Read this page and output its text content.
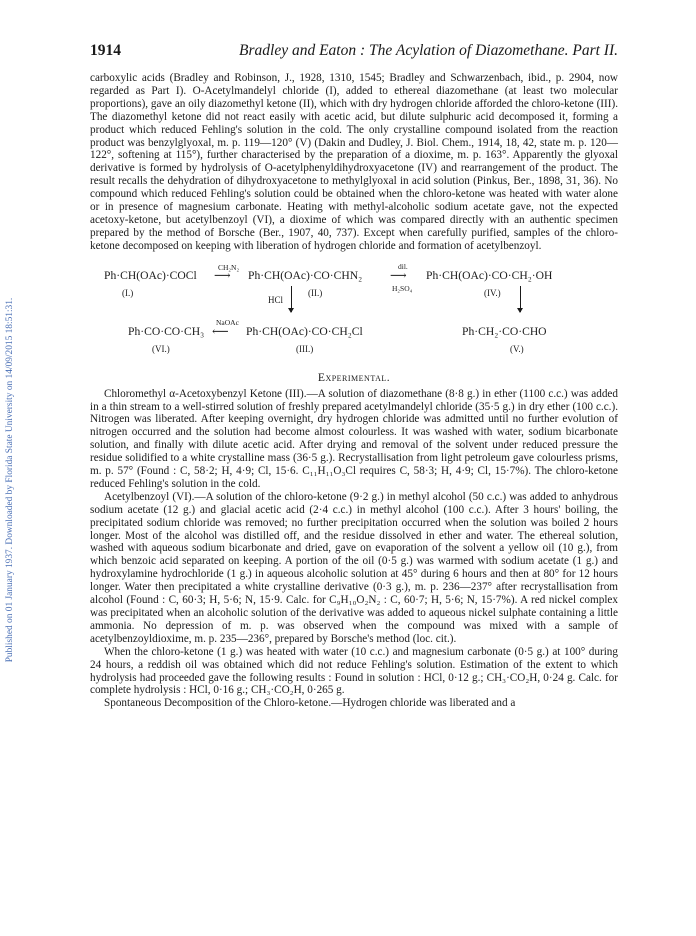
1914	Bradley and Eaton : The Acylation of Diazomethane. Part II.
Published on 01 January 1937. Downloaded by Florida State University on 14/09/2015 18:51:31.

carboxylic acids (Bradley and Robinson, J., 1928, 1310, 1545; Bradley and Schwarzenbach, ibid., p. 2904, now regarded as Part I). O-Acetylmandelyl chloride (I), added to ethereal diazomethane (at least two molecular proportions), gave an oily diazomethyl ketone (II), which with dry hydrogen chloride afforded the chloro-ketone (III). The diazomethyl ketone did not react easily with acetic acid, but dilute sulphuric acid decomposed it, forming a product which reduced Fehling's solution in the cold. The only crystalline compound isolated from the reaction product was benzylglyoxal, m. p. 119—120° (V) (Dakin and Dudley, J. Biol. Chem., 1914, 18, 42, state m. p. 120—122°, softening at 115°), further characterised by the preparation of a dioxime, m. p. 163°. Apparently the glyoxal derivative is formed by hydrolysis of O-acetylphenyldihydroxyacetone (IV) and rearrangement of the product. The result recalls the dehydration of dihydroxyacetone to methylglyoxal in acid solution (Pinkus, Ber., 1898, 31, 36). No compound which reduced Fehling's solution could be obtained when the chloro-ketone was heated with water alone or in presence of magnesium carbonate. Heating with methyl-alcoholic sodium acetate gave, not the expected acetoxy-ketone, but acetylbenzoyl (VI), a dioxime of which was compared directly with an authentic specimen prepared by the method of Borsche (Ber., 1907, 40, 737). Except when carefully purified, samples of the chloro-ketone decomposed on keeping with liberation of hydrogen chloride and formation of acetylbenzoyl.

Ph·CH(OAc)·COCl
(I.)
CH₂N₂
⟶ Ph·CH(OAc)·CO·CHN₂
(II.)
dil.
⟶
H₂SO₄
Ph·CH(OAc)·CO·CH₂·OH
(IV.)
HCl
Ph·CO·CO·CH₃
(VI.)
NaOAc
⟵ Ph·CH(OAc)·CO·CH₂Cl
(III.)
Ph·CH₂·CO·CHO
(V.)
Experimental.

Chloromethyl α-Acetoxybenzyl Ketone (III).—A solution of diazomethane (8·8 g.) in ether (1100 c.c.) was added in a thin stream to a well-stirred solution of freshly prepared acetylmandelyl chloride (35·5 g.) in dry ether (100 c.c.). Nitrogen was liberated. After keeping overnight, dry hydrogen chloride was admitted until no further evolution of nitrogen occurred and the solution had become almost colourless. It was washed with water, sodium bicarbonate solution, and finally with dilute acetic acid. After drying and removal of the solvent under reduced pressure the residue solidified to a white crystalline mass (36·5 g.). Recrystallisation from light petroleum gave colourless prisms, m. p. 57° (Found : C, 58·2; H, 4·9; Cl, 15·6. C₁₁H₁₁O₃Cl requires C, 58·3; H, 4·9; Cl, 15·7%). The chloro-ketone reduced Fehling's solution in the cold.

Acetylbenzoyl (VI).—A solution of the chloro-ketone (9·2 g.) in methyl alcohol (50 c.c.) was added to anhydrous sodium acetate (12 g.) and glacial acetic acid (2·4 c.c.) in methyl alcohol (100 c.c.). After 3 hours' boiling, the precipitated sodium chloride was removed; no further precipitation occurred when the solution was boiled 2 hours longer. Most of the alcohol was distilled off, and the residue dissolved in ether and water. The ethereal solution, washed with aqueous sodium bicarbonate and dried, gave on evaporation of the solvent a yellow oil (10 g.), from which benzoic acid separated on keeping. A portion of the oil (0·5 g.) was warmed with sodium acetate (1 g.) and hydroxylamine hydrochloride (1 g.) in aqueous alcoholic solution at 45° during 6 hours and then at 80° for 12 hours longer. Water then precipitated a white crystalline derivative (0·3 g.), m. p. 236—237° after recrystallisation from alcohol (Found : C, 60·3; H, 5·6; N, 15·9. Calc. for C₉H₁₀O₂N₂ : C, 60·7; H, 5·6; N, 15·7%). A red nickel complex was precipitated when an alcoholic solution of the derivative was added to aqueous nickel sulphate containing a little ammonia. No depression of m. p. was observed when the compound was mixed with a sample of acetylbenzoyldioxime, m. p. 235—236°, prepared by Borsche's method (loc. cit.).

When the chloro-ketone (1 g.) was heated with water (10 c.c.) and magnesium carbonate (0·5 g.) at 100° during 24 hours, a reddish oil was obtained which did not reduce Fehling's solution. Estimation of the extent to which hydrolysis had proceeded gave the following results : Found in solution : HCl, 0·12 g.; CH₃·CO₂H, 0·24 g. Calc. for complete hydrolysis : HCl, 0·16 g.; CH₃·CO₂H, 0·265 g.

Spontaneous Decomposition of the Chloro-ketone.—Hydrogen chloride was liberated and a
